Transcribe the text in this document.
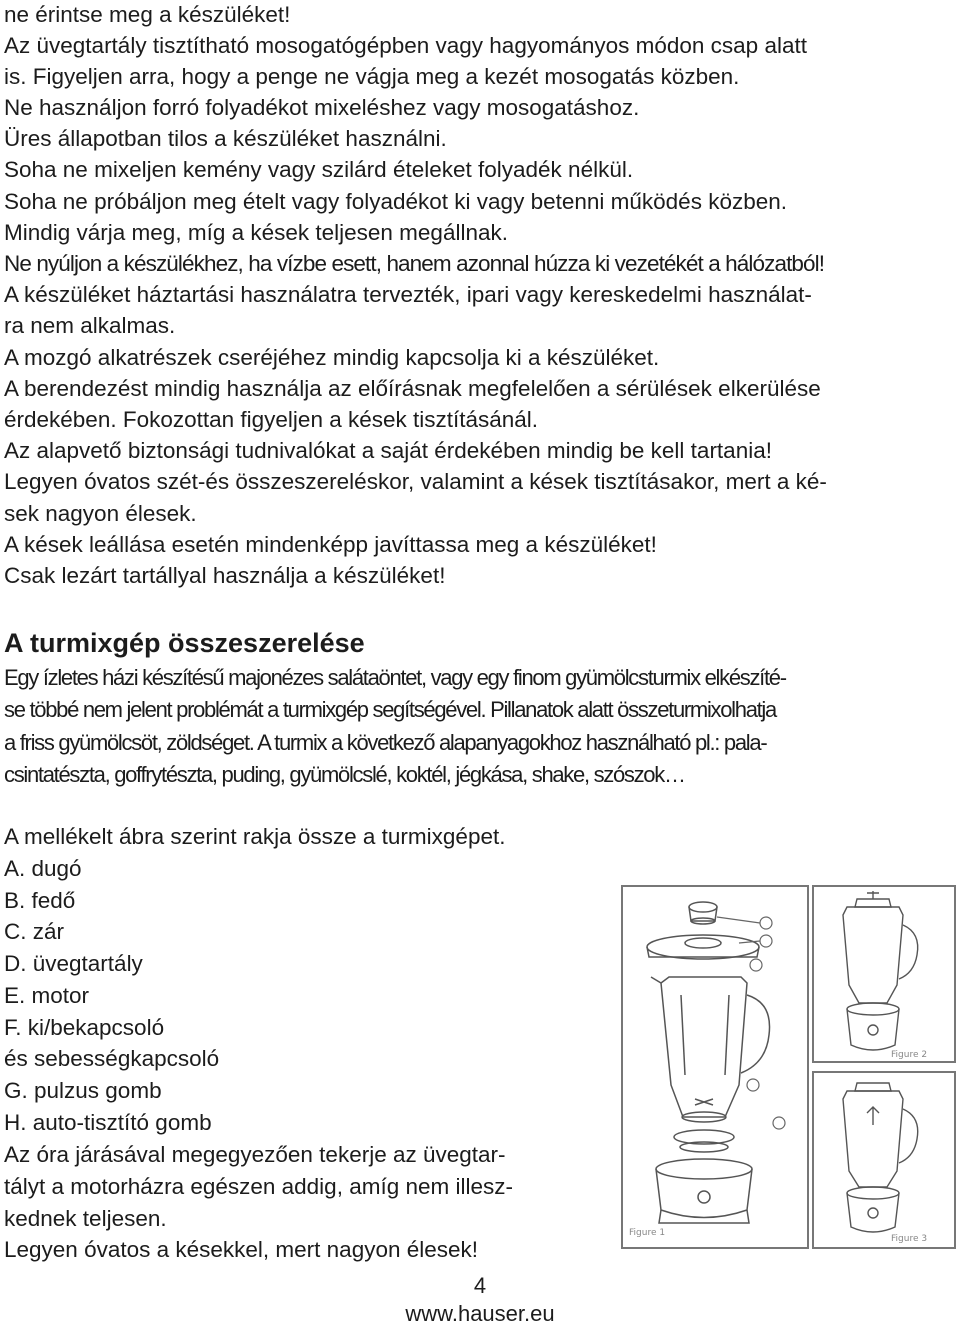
ne érintse meg a készüléket!
Az üvegtartály tisztítható mosogatógépben vagy hagyományos módon csap alatt
is. Figyeljen arra, hogy a penge ne vágja meg a kezét mosogatás közben.
Ne használjon forró folyadékot mixeléshez vagy mosogatáshoz.
Üres állapotban tilos a készüléket használni.
Soha ne mixeljen kemény vagy szilárd ételeket folyadék nélkül.
Soha ne próbáljon meg ételt vagy folyadékot ki vagy betenni működés közben.
Mindig várja meg, míg a kések teljesen megállnak.
Ne nyúljon a készülékhez, ha vízbe esett, hanem azonnal húzza ki vezetékét a hálózatból!
A készüléket háztartási használatra tervezték, ipari vagy kereskedelmi használat-
ra nem alkalmas.
A mozgó alkatrészek cseréjéhez mindig kapcsolja ki a készüléket.
A berendezést mindig használja az előírásnak megfelelően a sérülések elkerülése
érdekében. Fokozottan figyeljen a kések tisztításánál.
Az alapvető biztonsági tudnivalókat a saját érdekében mindig be kell tartania!
Legyen óvatos szét-és összeszereléskor, valamint a kések tisztításakor, mert a ké-
sek nagyon élesek.
A kések leállása esetén mindenképp javíttassa meg a készüléket!
Csak lezárt tartállyal használja a készüléket!
A turmixgép összeszerelése
Egy ízletes házi készítésű majonézes salátaöntet, vagy egy finom gyümölcsturmix elkészíté-
se többé nem jelent problémát a turmixgép segítségével. Pillanatok alatt összeturmixolhatja
a friss gyümölcsöt, zöldséget. A turmix a következő alapanyagokhoz használható pl.: pala-
csintatészta, goffrytészta, puding, gyümölcslé, koktél, jégkása, shake, szószok…
A mellékelt ábra szerint rakja össze a turmixgépet.
A. dugó
B. fedő
C. zár
D. üvegtartály
E. motor
F. ki/bekapcsoló
és sebességkapcsoló
G. pulzus gomb
H. auto-tisztító gomb
Az óra járásával megegyezően tekerje az üvegtar-
tályt a motorházra egészen addig, amíg nem illesz-
kednek teljesen.
Legyen óvatos a késekkel, mert nagyon élesek!
Figure 1
Figure 2
Figure 3
4
www.hauser.eu
